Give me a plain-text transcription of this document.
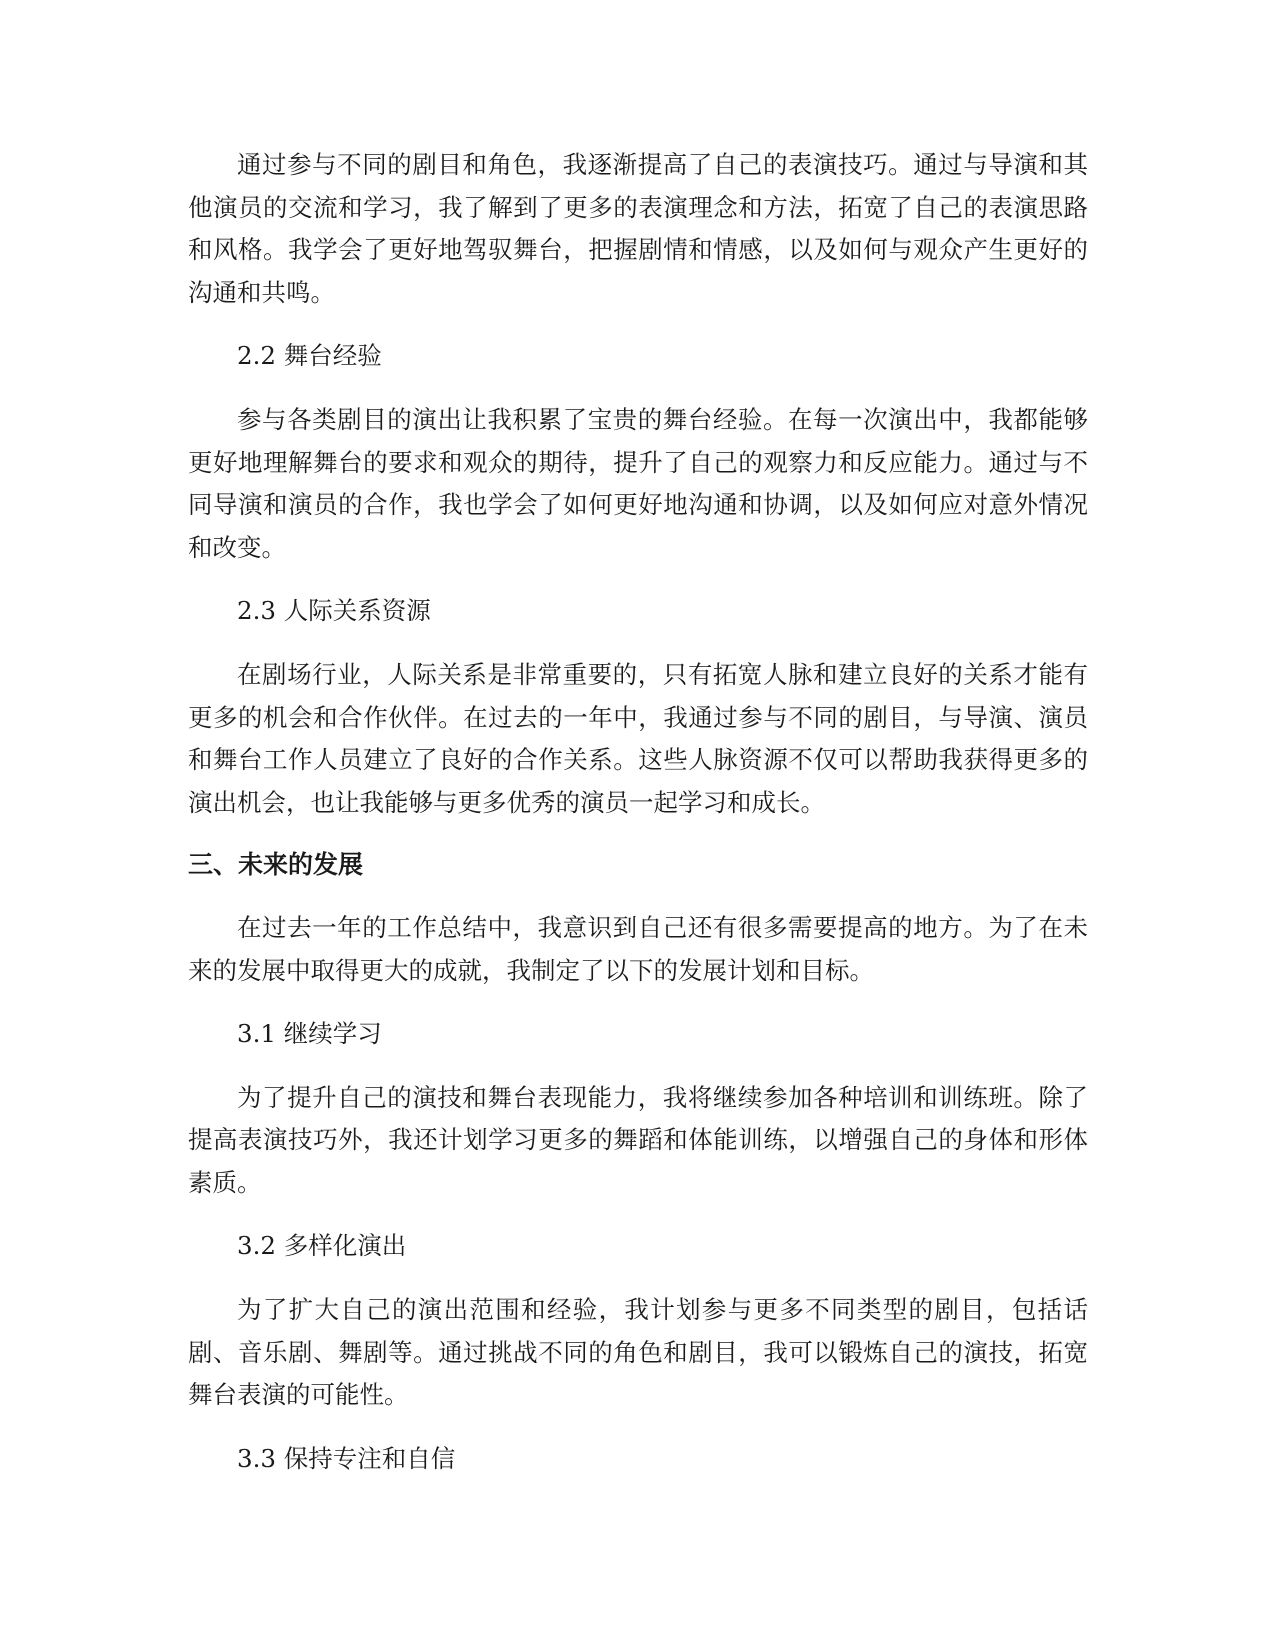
通过参与不同的剧目和角色，我逐渐提高了自己的表演技巧。通过与导演和其他演员的交流和学习，我了解到了更多的表演理念和方法，拓宽了自己的表演思路和风格。我学会了更好地驾驭舞台，把握剧情和情感，以及如何与观众产生更好的沟通和共鸣。

2.2 舞台经验

参与各类剧目的演出让我积累了宝贵的舞台经验。在每一次演出中，我都能够更好地理解舞台的要求和观众的期待，提升了自己的观察力和反应能力。通过与不同导演和演员的合作，我也学会了如何更好地沟通和协调，以及如何应对意外情况和改变。

2.3 人际关系资源

在剧场行业，人际关系是非常重要的，只有拓宽人脉和建立良好的关系才能有更多的机会和合作伙伴。在过去的一年中，我通过参与不同的剧目，与导演、演员和舞台工作人员建立了良好的合作关系。这些人脉资源不仅可以帮助我获得更多的演出机会，也让我能够与更多优秀的演员一起学习和成长。

三、未来的发展

在过去一年的工作总结中，我意识到自己还有很多需要提高的地方。为了在未来的发展中取得更大的成就，我制定了以下的发展计划和目标。

3.1 继续学习

为了提升自己的演技和舞台表现能力，我将继续参加各种培训和训练班。除了提高表演技巧外，我还计划学习更多的舞蹈和体能训练，以增强自己的身体和形体素质。

3.2 多样化演出

为了扩大自己的演出范围和经验，我计划参与更多不同类型的剧目，包括话剧、音乐剧、舞剧等。通过挑战不同的角色和剧目，我可以锻炼自己的演技，拓宽舞台表演的可能性。

3.3 保持专注和自信
